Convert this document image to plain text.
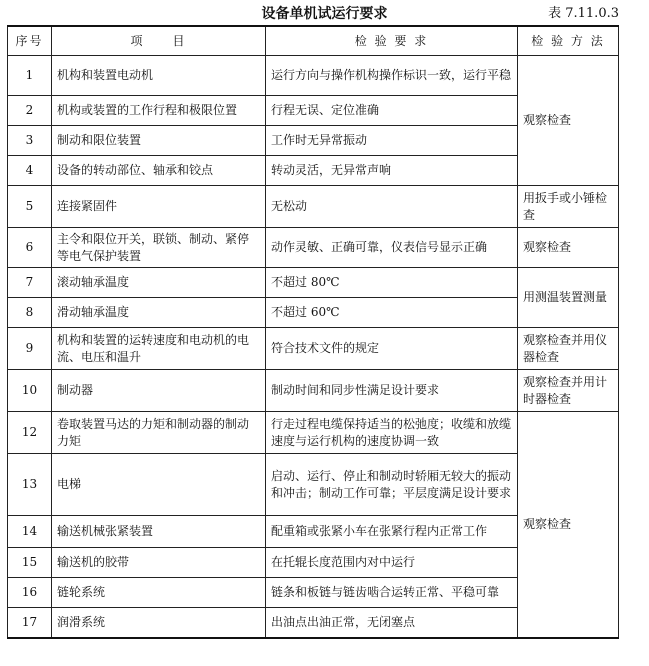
设备单机试运行要求	表 7.11.0.3
序号	项　　目	检 验 要 求	检 验 方 法
1	机构和装置电动机	运行方向与操作机构操作标识一致，运行平稳	观察检查
2	机构或装置的工作行程和极限位置	行程无误、定位准确	
3	制动和限位装置	工作时无异常振动	
4	设备的转动部位、轴承和铰点	转动灵活，无异常声响	
5	连接紧固件	无松动	用扳手或小锤检查
6	主令和限位开关，联锁、制动、紧停等电气保护装置	动作灵敏、正确可靠，仪表信号显示正确	观察检查
7	滚动轴承温度	不超过 80℃	用测温装置测量
8	滑动轴承温度	不超过 60℃	
9	机构和装置的运转速度和电动机的电流、电压和温升	符合技术文件的规定	观察检查并用仪器检查
10	制动器	制动时间和同步性满足设计要求	观察检查并用计时器检查
12	卷取装置马达的力矩和制动器的制动力矩	行走过程电缆保持适当的松弛度；收缆和放缆速度与运行机构的速度协调一致	观察检查
13	电梯	启动、运行、停止和制动时轿厢无较大的振动和冲击；制动工作可靠；平层度满足设计要求	
14	输送机械张紧装置	配重箱或张紧小车在张紧行程内正常工作	
15	输送机的胶带	在托辊长度范围内对中运行	
16	链轮系统	链条和板链与链齿啮合运转正常、平稳可靠	
17	润滑系统	出油点出油正常，无闭塞点	
